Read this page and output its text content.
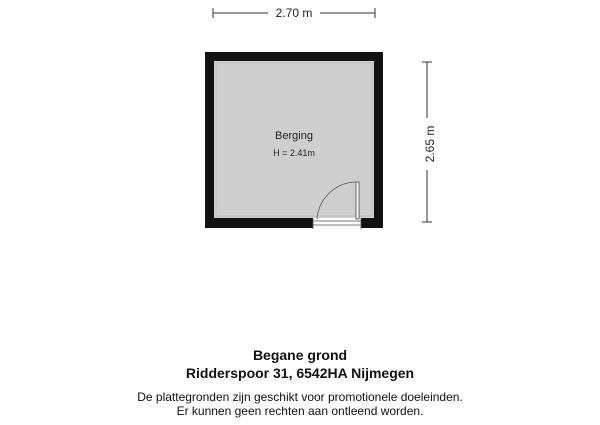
2.70 m
2.65 m
Berging
H = 2.41m
Begane grond
Ridderspoor 31, 6542HA Nijmegen
De plattegronden zijn geschikt voor promotionele doeleinden.
Er kunnen geen rechten aan ontleend worden.
